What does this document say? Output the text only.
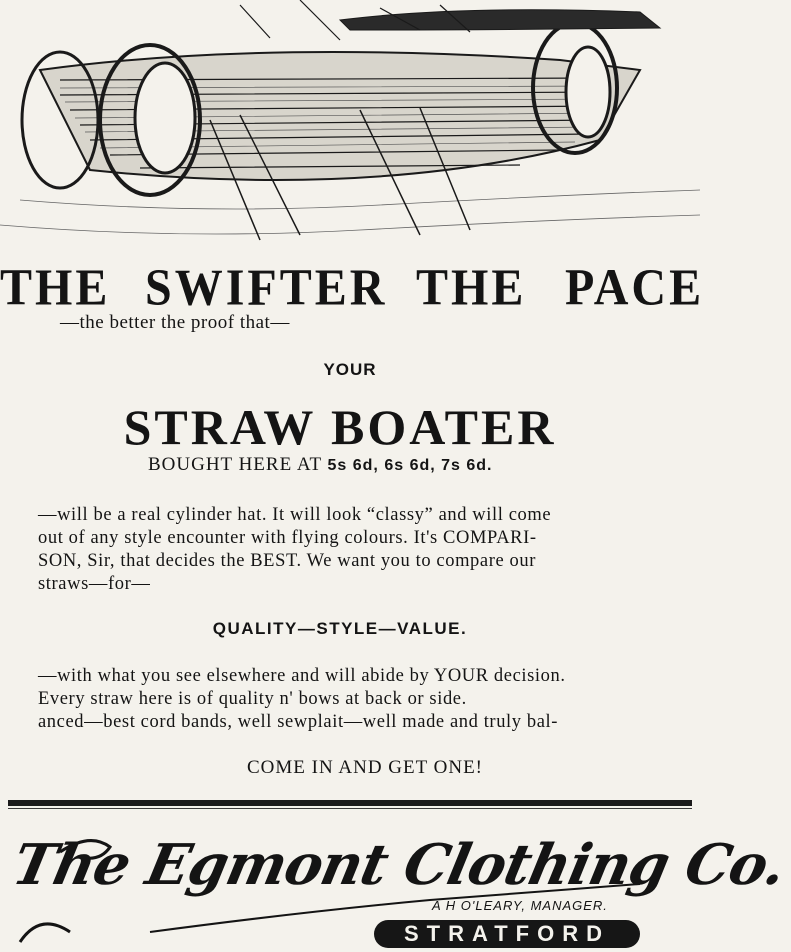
THE SWIFTER THE PACE
—the better the proof that—
YOUR
STRAW BOATER
BOUGHT HERE AT 5s 6d, 6s 6d, 7s 6d.
—will be a real cylinder hat. It will look “classy” and will come
out of any style encounter with flying colours. It's COMPARI-
SON, Sir, that decides the BEST. We want you to compare our
straws—for—
QUALITY—STYLE—VALUE.
—with what you see elsewhere and will abide by YOUR decision.
Every straw here is of quality n' bows at back or side.
anced—best cord bands, well sewplait—well made and truly bal-
COME IN AND GET ONE!
The Egmont Clothing Co.
A H O'LEARY, MANAGER.
STRATFORD
